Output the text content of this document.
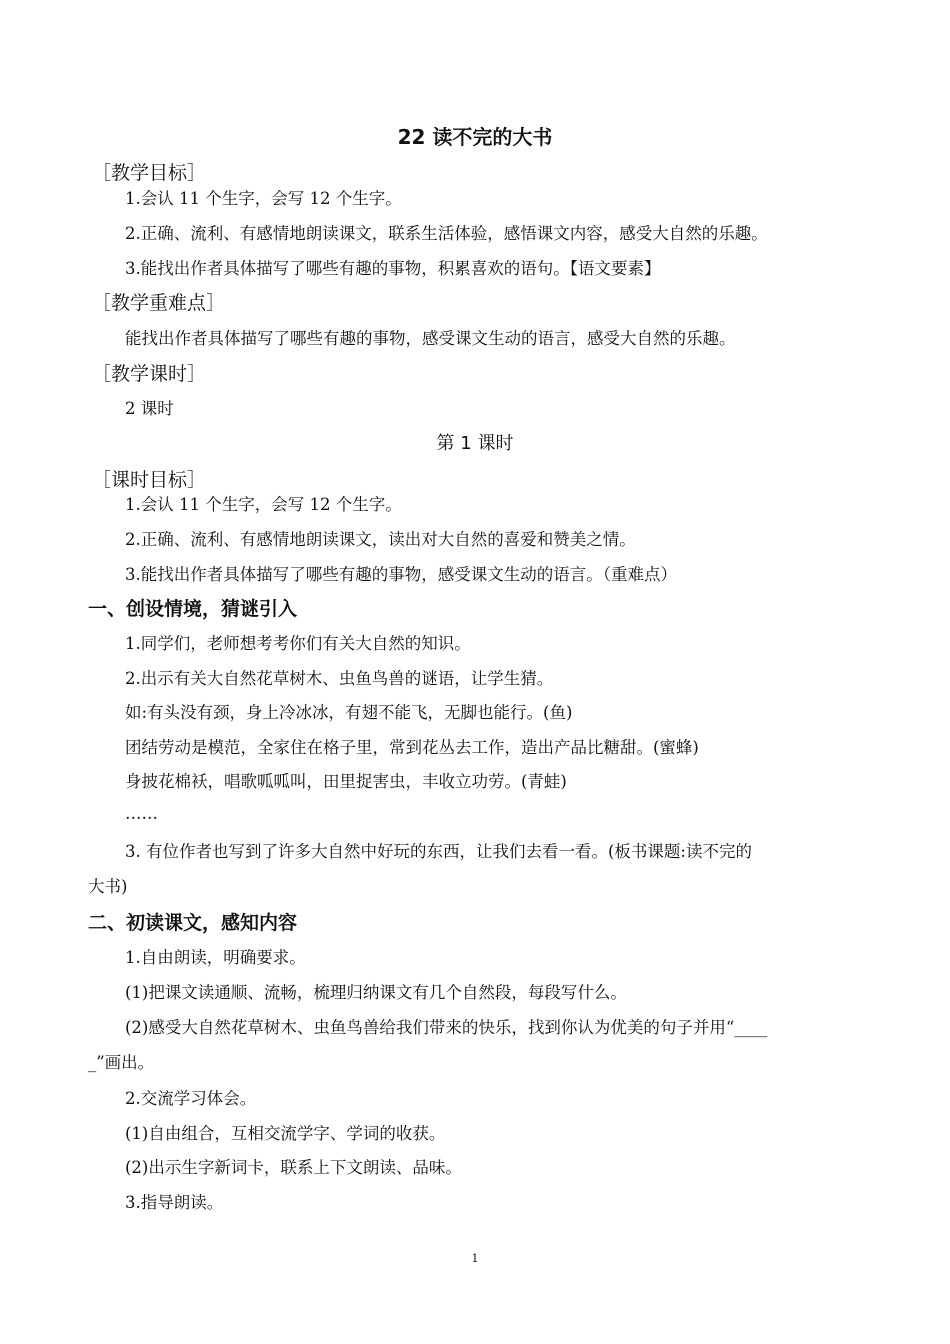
22 读不完的大书
［教学目标］
1.会认 11 个生字，会写 12 个生字。
2.正确、流利、有感情地朗读课文，联系生活体验，感悟课文内容，感受大自然的乐趣。
3.能找出作者具体描写了哪些有趣的事物，积累喜欢的语句。【语文要素】
［教学重难点］
能找出作者具体描写了哪些有趣的事物，感受课文生动的语言，感受大自然的乐趣。
［教学课时］
2 课时
第 1 课时
［课时目标］
1.会认 11 个生字，会写 12 个生字。
2.正确、流利、有感情地朗读课文，读出对大自然的喜爱和赞美之情。
3.能找出作者具体描写了哪些有趣的事物，感受课文生动的语言。（重难点）
一、创设情境，猜谜引入
1.同学们，老师想考考你们有关大自然的知识。
2.出示有关大自然花草树木、虫鱼鸟兽的谜语，让学生猜。
如:有头没有颈，身上冷冰冰，有翅不能飞，无脚也能行。(鱼)
团结劳动是模范，全家住在格子里，常到花丛去工作，造出产品比糖甜。(蜜蜂)
身披花棉袄，唱歌呱呱叫，田里捉害虫，丰收立功劳。(青蛙)
……
3. 有位作者也写到了许多大自然中好玩的东西，让我们去看一看。(板书课题:读不完的
大书)
二、初读课文，感知内容
1.自由朗读，明确要求。
(1)把课文读通顺、流畅，梳理归纳课文有几个自然段，每段写什么。
(2)感受大自然花草树木、虫鱼鸟兽给我们带来的快乐，找到你认为优美的句子并用“____
_”画出。
2.交流学习体会。
(1)自由组合，互相交流学字、学词的收获。
(2)出示生字新词卡，联系上下文朗读、品味。
3.指导朗读。
1
